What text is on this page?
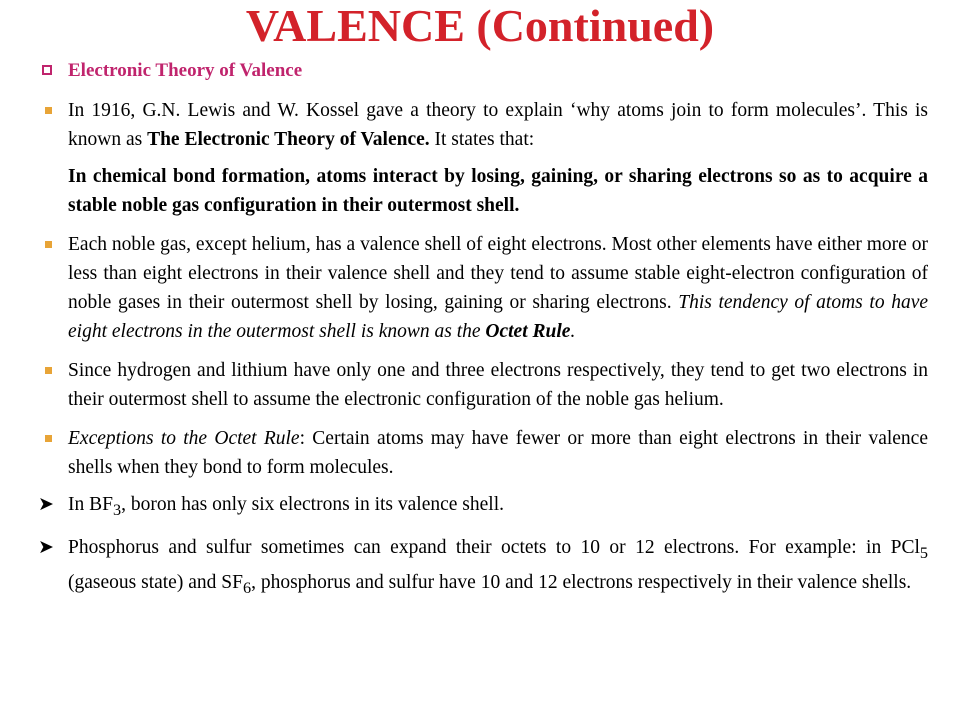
VALENCE (Continued)
Electronic Theory of Valence
In 1916, G.N. Lewis and W. Kossel gave a theory to explain ‘why atoms join to form molecules’. This is known as The Electronic Theory of Valence. It states that:
In chemical bond formation, atoms interact by losing, gaining, or sharing electrons so as to acquire a stable noble gas configuration in their outermost shell.
Each noble gas, except helium, has a valence shell of eight electrons. Most other elements have either more or less than eight electrons in their valence shell and they tend to assume stable eight-electron configuration of noble gases in their outermost shell by losing, gaining or sharing electrons. This tendency of atoms to have eight electrons in the outermost shell is known as the Octet Rule.
Since hydrogen and lithium have only one and three electrons respectively, they tend to get two electrons in their outermost shell to assume the electronic configuration of the noble gas helium.
Exceptions to the Octet Rule: Certain atoms may have fewer or more than eight electrons in their valence shells when they bond to form molecules.
➤ In $BF_3$, boron has only six electrons in its valence shell.
➤ Phosphorus and sulfur sometimes can expand their octets to 10 or 12 electrons. For example: in PCl$_5$ (gaseous state) and $SF_6$, phosphorus and sulfur have 10 and 12 electrons respectively in their valence shells.
